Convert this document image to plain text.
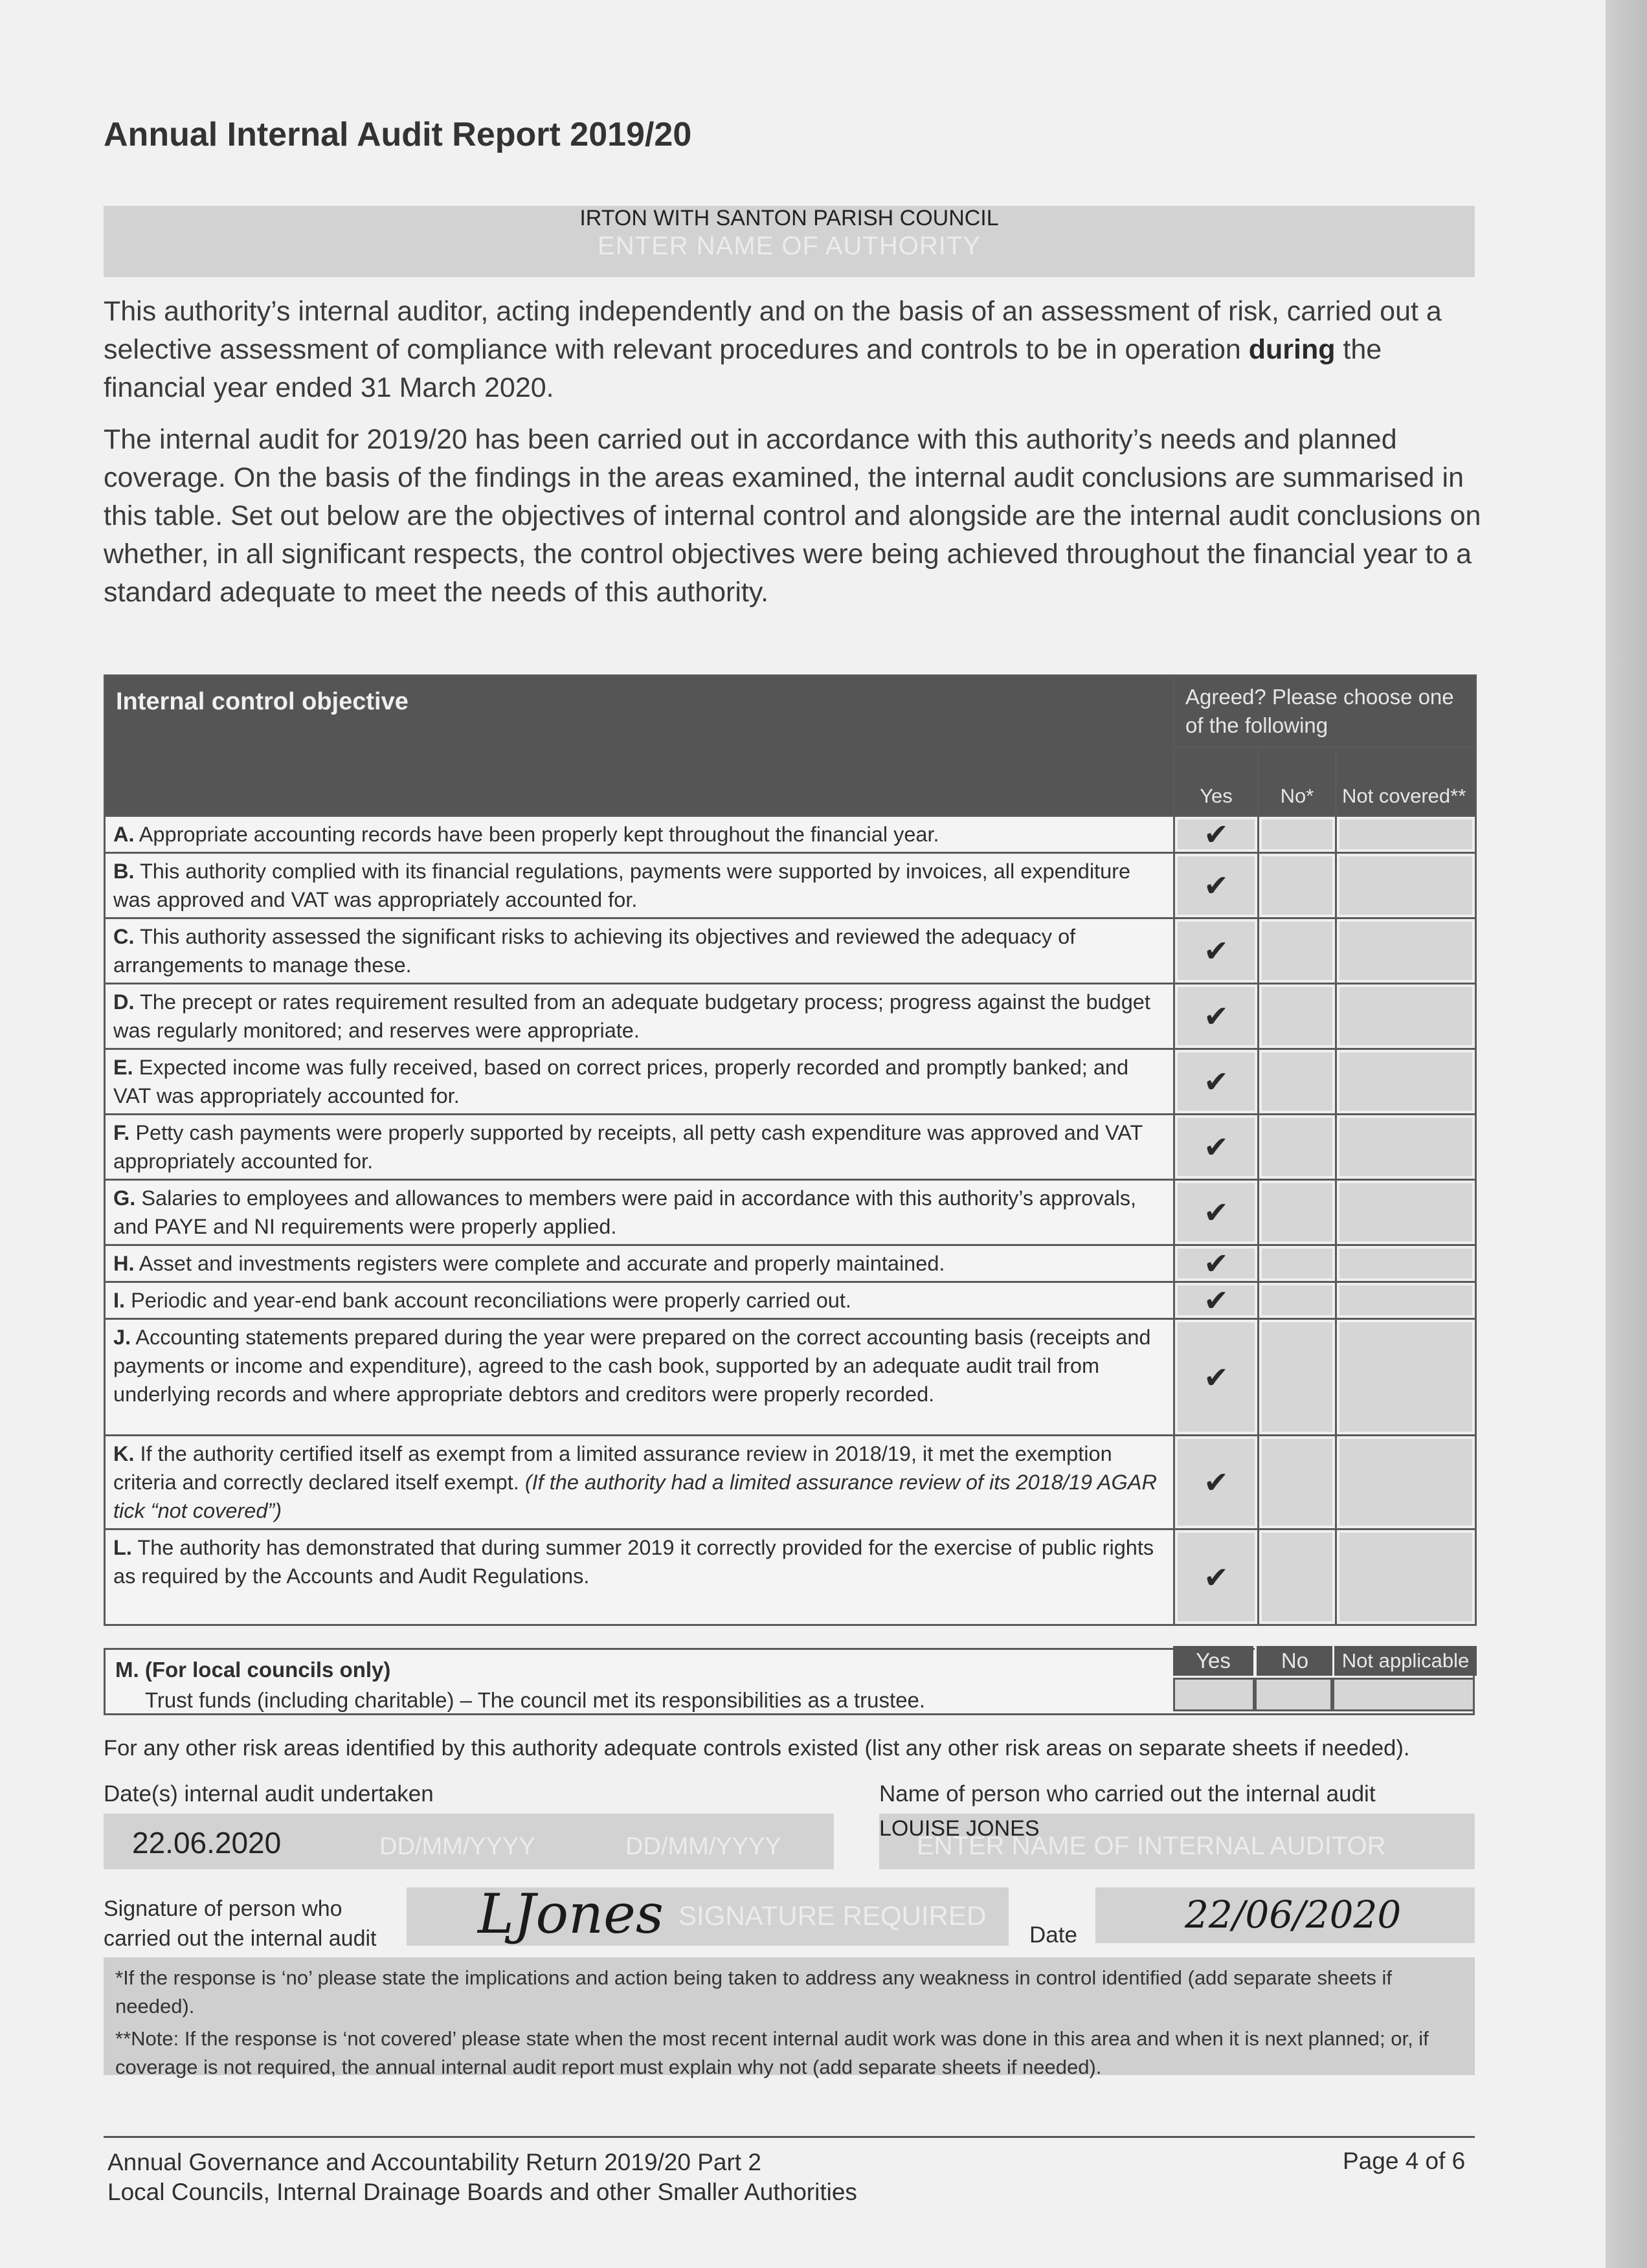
Annual Internal Audit Report 2019/20
IRTON WITH SANTON PARISH COUNCIL
ENTER NAME OF AUTHORITY
This authority’s internal auditor, acting independently and on the basis of an assessment of risk, carried out a selective assessment of compliance with relevant procedures and controls to be in operation during the financial year ended 31 March 2020.
The internal audit for 2019/20 has been carried out in accordance with this authority’s needs and planned coverage. On the basis of the findings in the areas examined, the internal audit conclusions are summarised in this table. Set out below are the objectives of internal control and alongside are the internal audit conclusions on whether, in all significant respects, the control objectives were being achieved throughout the financial year to a standard adequate to meet the needs of this authority.
Internal control objective	Agreed? Please choose one of the following		
	Yes	No*	Not covered**
A. Appropriate accounting records have been properly kept throughout the financial year.	✔		
B. This authority complied with its financial regulations, payments were supported by invoices, all expenditure was approved and VAT was appropriately accounted for.	✔		
C. This authority assessed the significant risks to achieving its objectives and reviewed the adequacy of arrangements to manage these.	✔		
D. The precept or rates requirement resulted from an adequate budgetary process; progress against the budget was regularly monitored; and reserves were appropriate.	✔		
E. Expected income was fully received, based on correct prices, properly recorded and promptly banked; and VAT was appropriately accounted for.	✔		
F. Petty cash payments were properly supported by receipts, all petty cash expenditure was approved and VAT appropriately accounted for.	✔		
G. Salaries to employees and allowances to members were paid in accordance with this authority’s approvals, and PAYE and NI requirements were properly applied.	✔		
H. Asset and investments registers were complete and accurate and properly maintained.	✔		
I. Periodic and year-end bank account reconciliations were properly carried out.	✔		
J. Accounting statements prepared during the year were prepared on the correct accounting basis (receipts and payments or income and expenditure), agreed to the cash book, supported by an adequate audit trail from underlying records and where appropriate debtors and creditors were properly recorded.	✔		
K. If the authority certified itself as exempt from a limited assurance review in 2018/19, it met the exemption criteria and correctly declared itself exempt. (If the authority had a limited assurance review of its 2018/19 AGAR tick “not covered”)	✔		
L. The authority has demonstrated that during summer 2019 it correctly provided for the exercise of public rights as required by the Accounts and Audit Regulations.	✔		
M. (For local councils only)
Trust funds (including charitable) – The council met its responsibilities as a trustee.
Yes	No	Not applicable
For any other risk areas identified by this authority adequate controls existed (list any other risk areas on separate sheets if needed).
Date(s) internal audit undertaken
22.06.2020	DD/MM/YYYY	DD/MM/YYYY
Name of person who carried out the internal audit
LOUISE JONES
ENTER NAME OF INTERNAL AUDITOR
Signature of person who
carried out the internal audit
SIGNATURE REQUIRED
LJones	Date	22/06/2020
*If the response is ‘no’ please state the implications and action being taken to address any weakness in control identified (add separate sheets if needed).
**Note: If the response is ‘not covered’ please state when the most recent internal audit work was done in this area and when it is next planned; or, if coverage is not required, the annual internal audit report must explain why not (add separate sheets if needed).
Annual Governance and Accountability Return 2019/20 Part 2
Local Councils, Internal Drainage Boards and other Smaller Authorities
Page 4 of 6
